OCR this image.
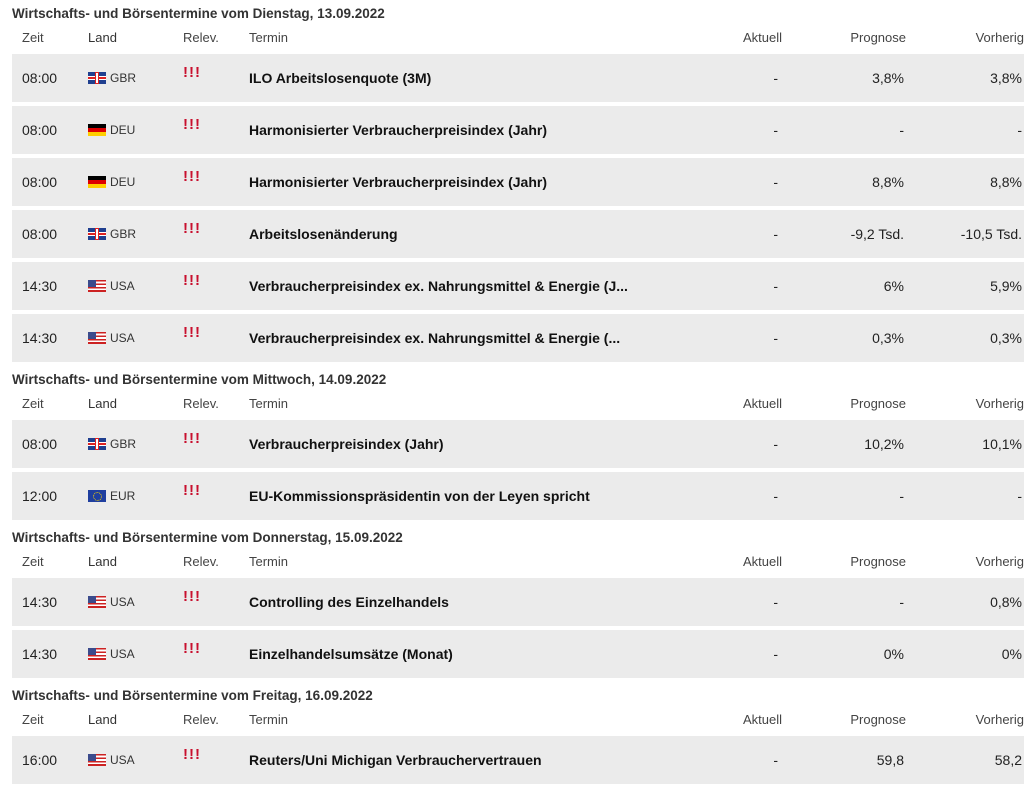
Wirtschafts- und Börsentermine vom Dienstag, 13.09.2022
Zeit	Land	Relev.	Termin	Aktuell	Prognose	Vorherig
08:00	GBR	!!!	ILO Arbeitslosenquote (3M)	-	3,8%	3,8%
08:00	DEU	!!!	Harmonisierter Verbraucherpreisindex (Jahr)	-	-	-
08:00	DEU	!!!	Harmonisierter Verbraucherpreisindex (Jahr)	-	8,8%	8,8%
08:00	GBR	!!!	Arbeitslosenänderung	-	-9,2 Tsd.	-10,5 Tsd.
14:30	USA	!!!	Verbraucherpreisindex ex. Nahrungsmittel & Energie (J...	-	6%	5,9%
14:30	USA	!!!	Verbraucherpreisindex ex. Nahrungsmittel & Energie (...	-	0,3%	0,3%
Wirtschafts- und Börsentermine vom Mittwoch, 14.09.2022
Zeit	Land	Relev.	Termin	Aktuell	Prognose	Vorherig
08:00	GBR	!!!	Verbraucherpreisindex (Jahr)	-	10,2%	10,1%
12:00	EUR	!!!	EU-Kommissionspräsidentin von der Leyen spricht	-	-	-
Wirtschafts- und Börsentermine vom Donnerstag, 15.09.2022
Zeit	Land	Relev.	Termin	Aktuell	Prognose	Vorherig
14:30	USA	!!!	Controlling des Einzelhandels	-	-	0,8%
14:30	USA	!!!	Einzelhandelsumsätze (Monat)	-	0%	0%
Wirtschafts- und Börsentermine vom Freitag, 16.09.2022
Zeit	Land	Relev.	Termin	Aktuell	Prognose	Vorherig
16:00	USA	!!!	Reuters/Uni Michigan Verbrauchervertrauen	-	59,8	58,2
